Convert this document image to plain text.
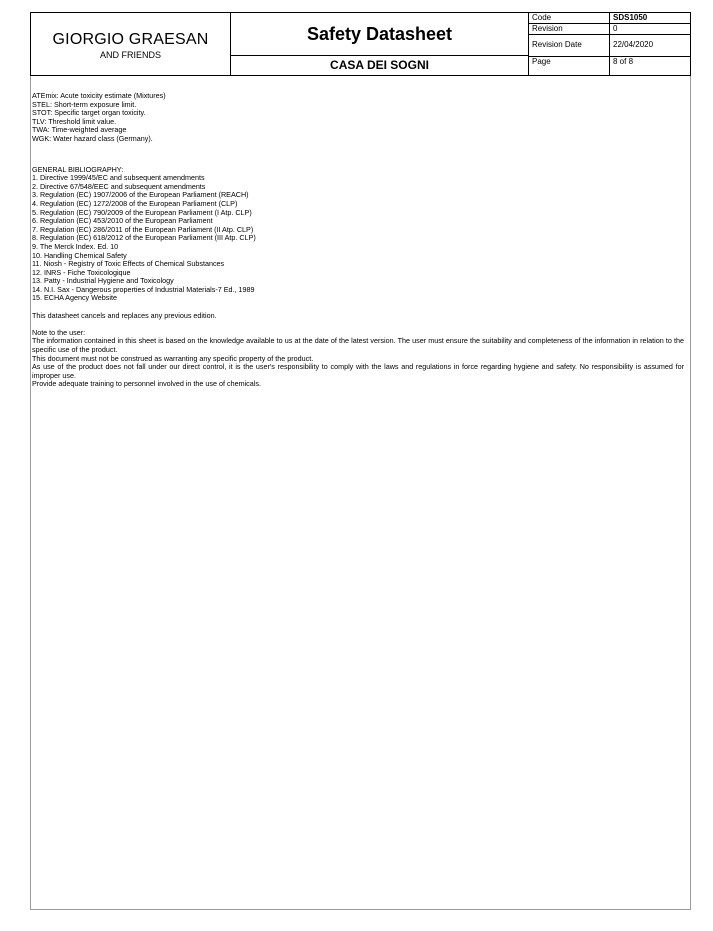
GIORGIO GRAESAN
AND FRIENDS
Safety Datasheet
CASA DEI SOGNI
Code	SDS1050
Revision	0
Revision Date	22/04/2020
Page	8 of 8

ATEmix: Acute toxicity estimate (Mixtures)

STEL: Short-term exposure limit.

STOT: Specific target organ toxicity.

TLV: Threshold limit value.

TWA: Time-weighted average

WGK: Water hazard class (Germany).

GENERAL BIBLIOGRAPHY:

1. Directive 1999/45/EC and subsequent amendments

2. Directive 67/548/EEC and subsequent amendments

3. Regulation (EC) 1907/2006 of the European Parliament (REACH)

4. Regulation (EC) 1272/2008 of the European Parliament (CLP)

5. Regulation (EC) 790/2009 of the European Parliament (I Atp. CLP)

6. Regulation (EC) 453/2010 of the European Parliament

7. Regulation (EC) 286/2011 of the European Parliament (II Atp. CLP)

8. Regulation (EC) 618/2012 of the European Parliament (III Atp. CLP)

9. The Merck Index. Ed. 10

10. Handling Chemical Safety

11. Niosh - Registry of Toxic Effects of Chemical Substances

12. INRS - Fiche Toxicologique

13. Patty - Industrial Hygiene and Toxicology

14. N.I. Sax - Dangerous properties of Industrial Materials-7 Ed., 1989

15. ECHA Agency Website

This datasheet cancels and replaces any previous edition.

Note to the user:

The information contained in this sheet is based on the knowledge available to us at the date of the latest version. The user must ensure the suitability and completeness of the information in relation to the specific use of the product.

This document must not be construed as warranting any specific property of the product.

As use of the product does not fall under our direct control, it is the user's responsibility to comply with the laws and regulations in force regarding hygiene and safety. No responsibility is assumed for improper use.

Provide adequate training to personnel involved in the use of chemicals.
